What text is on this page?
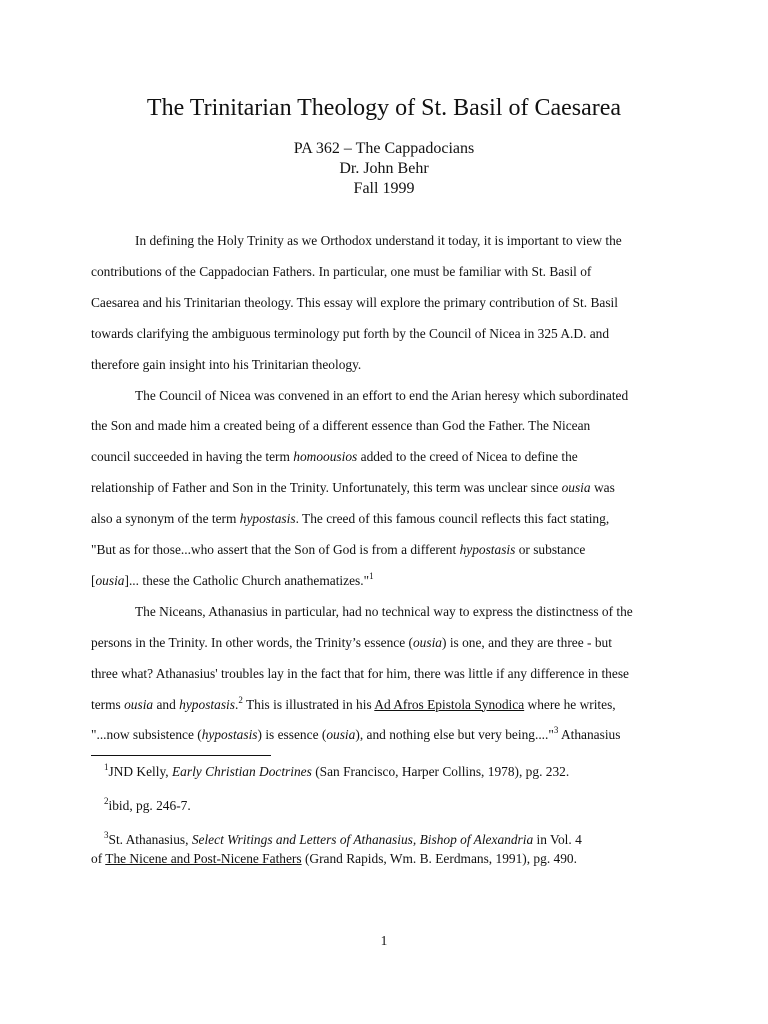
The Trinitarian Theology of St. Basil of Caesarea
PA 362 – The Cappadocians
Dr. John Behr
Fall 1999
In defining the Holy Trinity as we Orthodox understand it today, it is important to view the
contributions of the Cappadocian Fathers. In particular, one must be familiar with St. Basil of
Caesarea and his Trinitarian theology. This essay will explore the primary contribution of St. Basil
towards clarifying the ambiguous terminology put forth by the Council of Nicea in 325 A.D. and
therefore gain insight into his Trinitarian theology.
The Council of Nicea was convened in an effort to end the Arian heresy which subordinated
the Son and made him a created being of a different essence than God the Father. The Nicean
council succeeded in having the term homoousios added to the creed of Nicea to define the
relationship of Father and Son in the Trinity. Unfortunately, this term was unclear since ousia was
also a synonym of the term hypostasis. The creed of this famous council reflects this fact stating,
"But as for those...who assert that the Son of God is from a different hypostasis or substance
[ousia]... these the Catholic Church anathematizes."$^1$
The Niceans, Athanasius in particular, had no technical way to express the distinctness of the
persons in the Trinity. In other words, the Trinity’s essence (ousia) is one, and they are three - but
three what? Athanasius' troubles lay in the fact that for him, there was little if any difference in these
terms ousia and hypostasis.$^2$ This is illustrated in his Ad Afros Epistola Synodica where he writes,
"...now subsistence (hypostasis) is essence (ousia), and nothing else but very being...."$^3$ Athanasius
$^1$JND Kelly, Early Christian Doctrines (San Francisco, Harper Collins, 1978), pg. 232.
$^2$ibid, pg. 246-7.
$^3$St. Athanasius, Select Writings and Letters of Athanasius, Bishop of Alexandria in Vol. 4
of The Nicene and Post-Nicene Fathers (Grand Rapids, Wm. B. Eerdmans, 1991), pg. 490.
1
